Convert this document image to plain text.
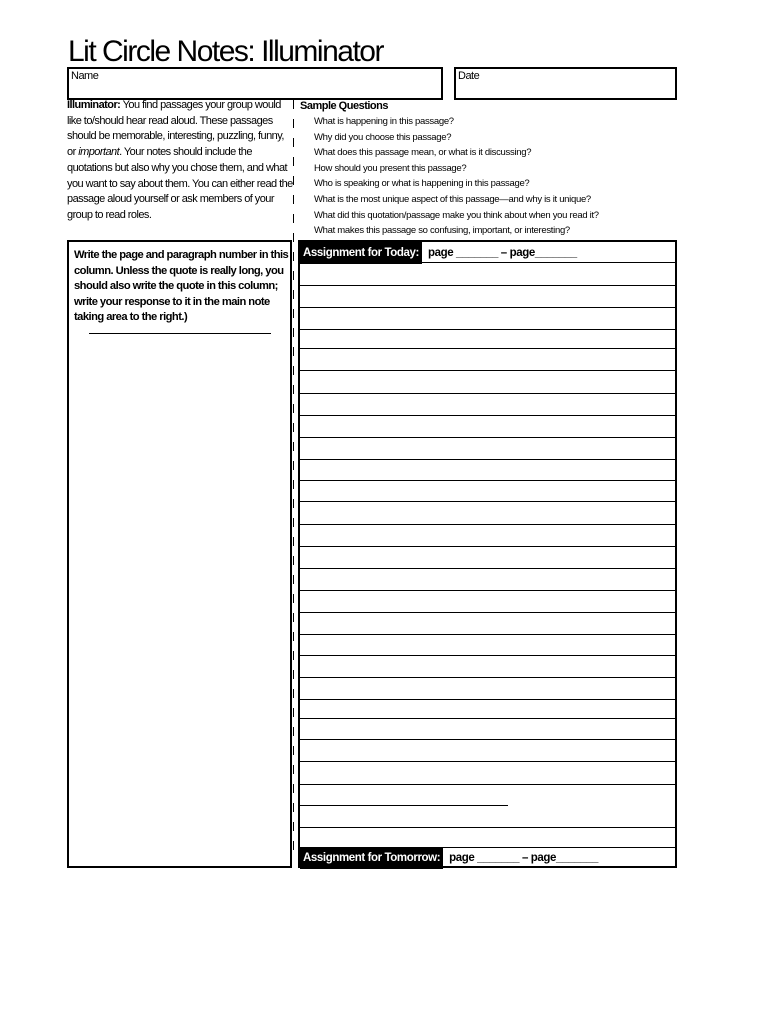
Lit Circle Notes: Illuminator
Name	Date
Illuminator: You find passages your group would like to/should hear read aloud. These passages should be memorable, interesting, puzzling, funny, or important. Your notes should include the quotations but also why you chose them, and what you want to say about them. You can either read the passage aloud yourself or ask members of your group to read roles.
Sample Questions
What is happening in this passage?
Why did you choose this passage?
What does this passage mean, or what is it discussing?
How should you present this passage?
Who is speaking or what is happening in this passage?
What is the most unique aspect of this passage—and why is it unique?
What did this quotation/passage make you think about when you read it?
What makes this passage so confusing, important, or interesting?
Write the page and paragraph number in this column. Unless the quote is really long, you should also write the quote in this column; write your response to it in the main note taking area to the right.)
Assignment for Today: page _______ – page_______
Assignment for Tomorrow: page _______ – page_______
